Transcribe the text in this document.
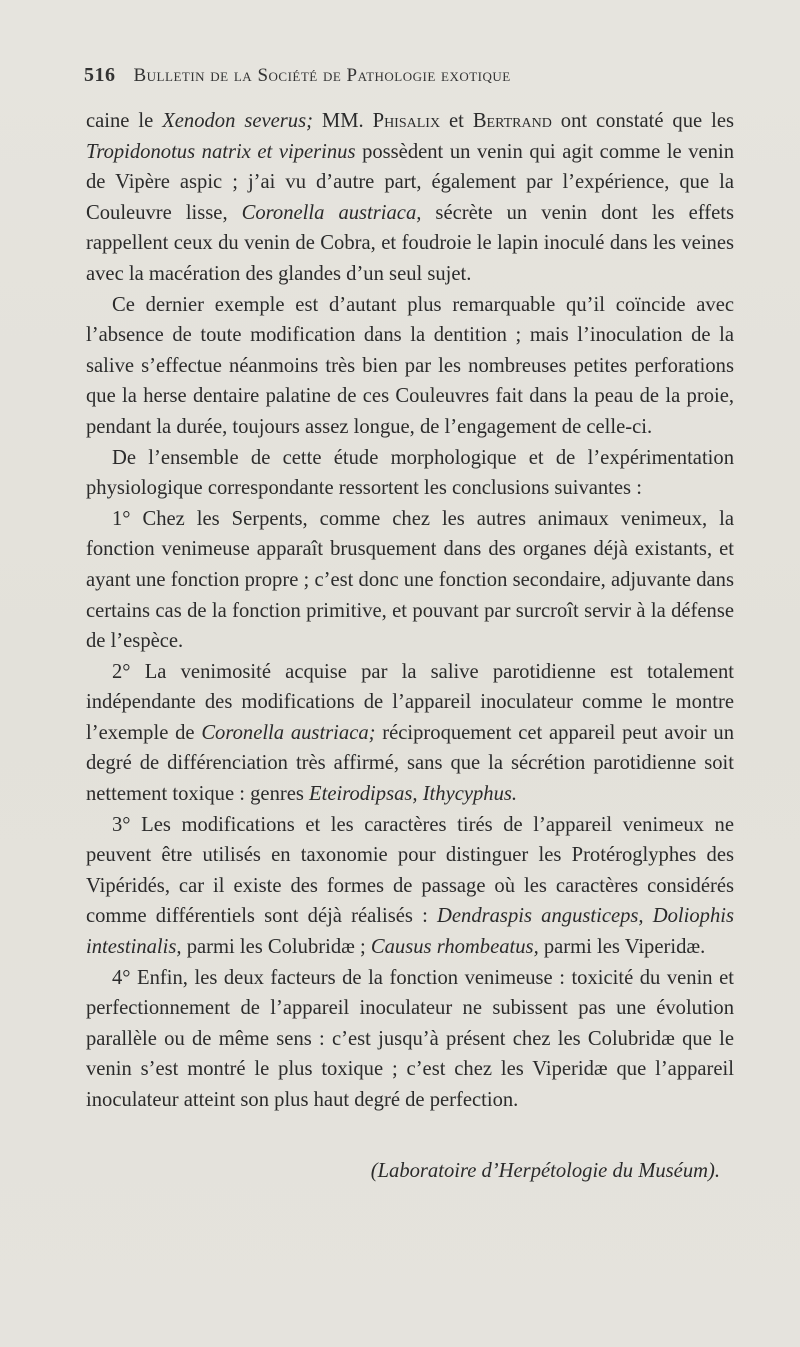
516 Bulletin de la Société de Pathologie exotique

caine le Xenodon severus; MM. Phisalix et Bertrand ont constaté que les Tropidonotus natrix et viperinus possèdent un venin qui agit comme le venin de Vipère aspic ; j’ai vu d’autre part, également par l’expérience, que la Couleuvre lisse, Coronella austriaca, sécrète un venin dont les effets rappellent ceux du venin de Cobra, et foudroie le lapin inoculé dans les veines avec la macération des glandes d’un seul sujet.

Ce dernier exemple est d’autant plus remarquable qu’il coïncide avec l’absence de toute modification dans la dentition ; mais l’inoculation de la salive s’effectue néanmoins très bien par les nombreuses petites perforations que la herse dentaire palatine de ces Couleuvres fait dans la peau de la proie, pendant la durée, toujours assez longue, de l’engagement de celle-ci.

De l’ensemble de cette étude morphologique et de l’expérimentation physiologique correspondante ressortent les conclusions suivantes :

1° Chez les Serpents, comme chez les autres animaux venimeux, la fonction venimeuse apparaît brusquement dans des organes déjà existants, et ayant une fonction propre ; c’est donc une fonction secondaire, adjuvante dans certains cas de la fonction primitive, et pouvant par surcroît servir à la défense de l’espèce.

2° La venimosité acquise par la salive parotidienne est totalement indépendante des modifications de l’appareil inoculateur comme le montre l’exemple de Coronella austriaca; réciproquement cet appareil peut avoir un degré de différenciation très affirmé, sans que la sécrétion parotidienne soit nettement toxique : genres Eteirodipsas, Ithycyphus.

3° Les modifications et les caractères tirés de l’appareil venimeux ne peuvent être utilisés en taxonomie pour distinguer les Protéroglyphes des Vipéridés, car il existe des formes de passage où les caractères considérés comme différentiels sont déjà réalisés : Dendraspis angusticeps, Doliophis intestinalis, parmi les Colubridæ ; Causus rhombeatus, parmi les Viperidæ.

4° Enfin, les deux facteurs de la fonction venimeuse : toxicité du venin et perfectionnement de l’appareil inoculateur ne subissent pas une évolution parallèle ou de même sens : c’est jusqu’à présent chez les Colubridæ que le venin s’est montré le plus toxique ; c’est chez les Viperidæ que l’appareil inoculateur atteint son plus haut degré de perfection.

(Laboratoire d’Herpétologie du Muséum).
